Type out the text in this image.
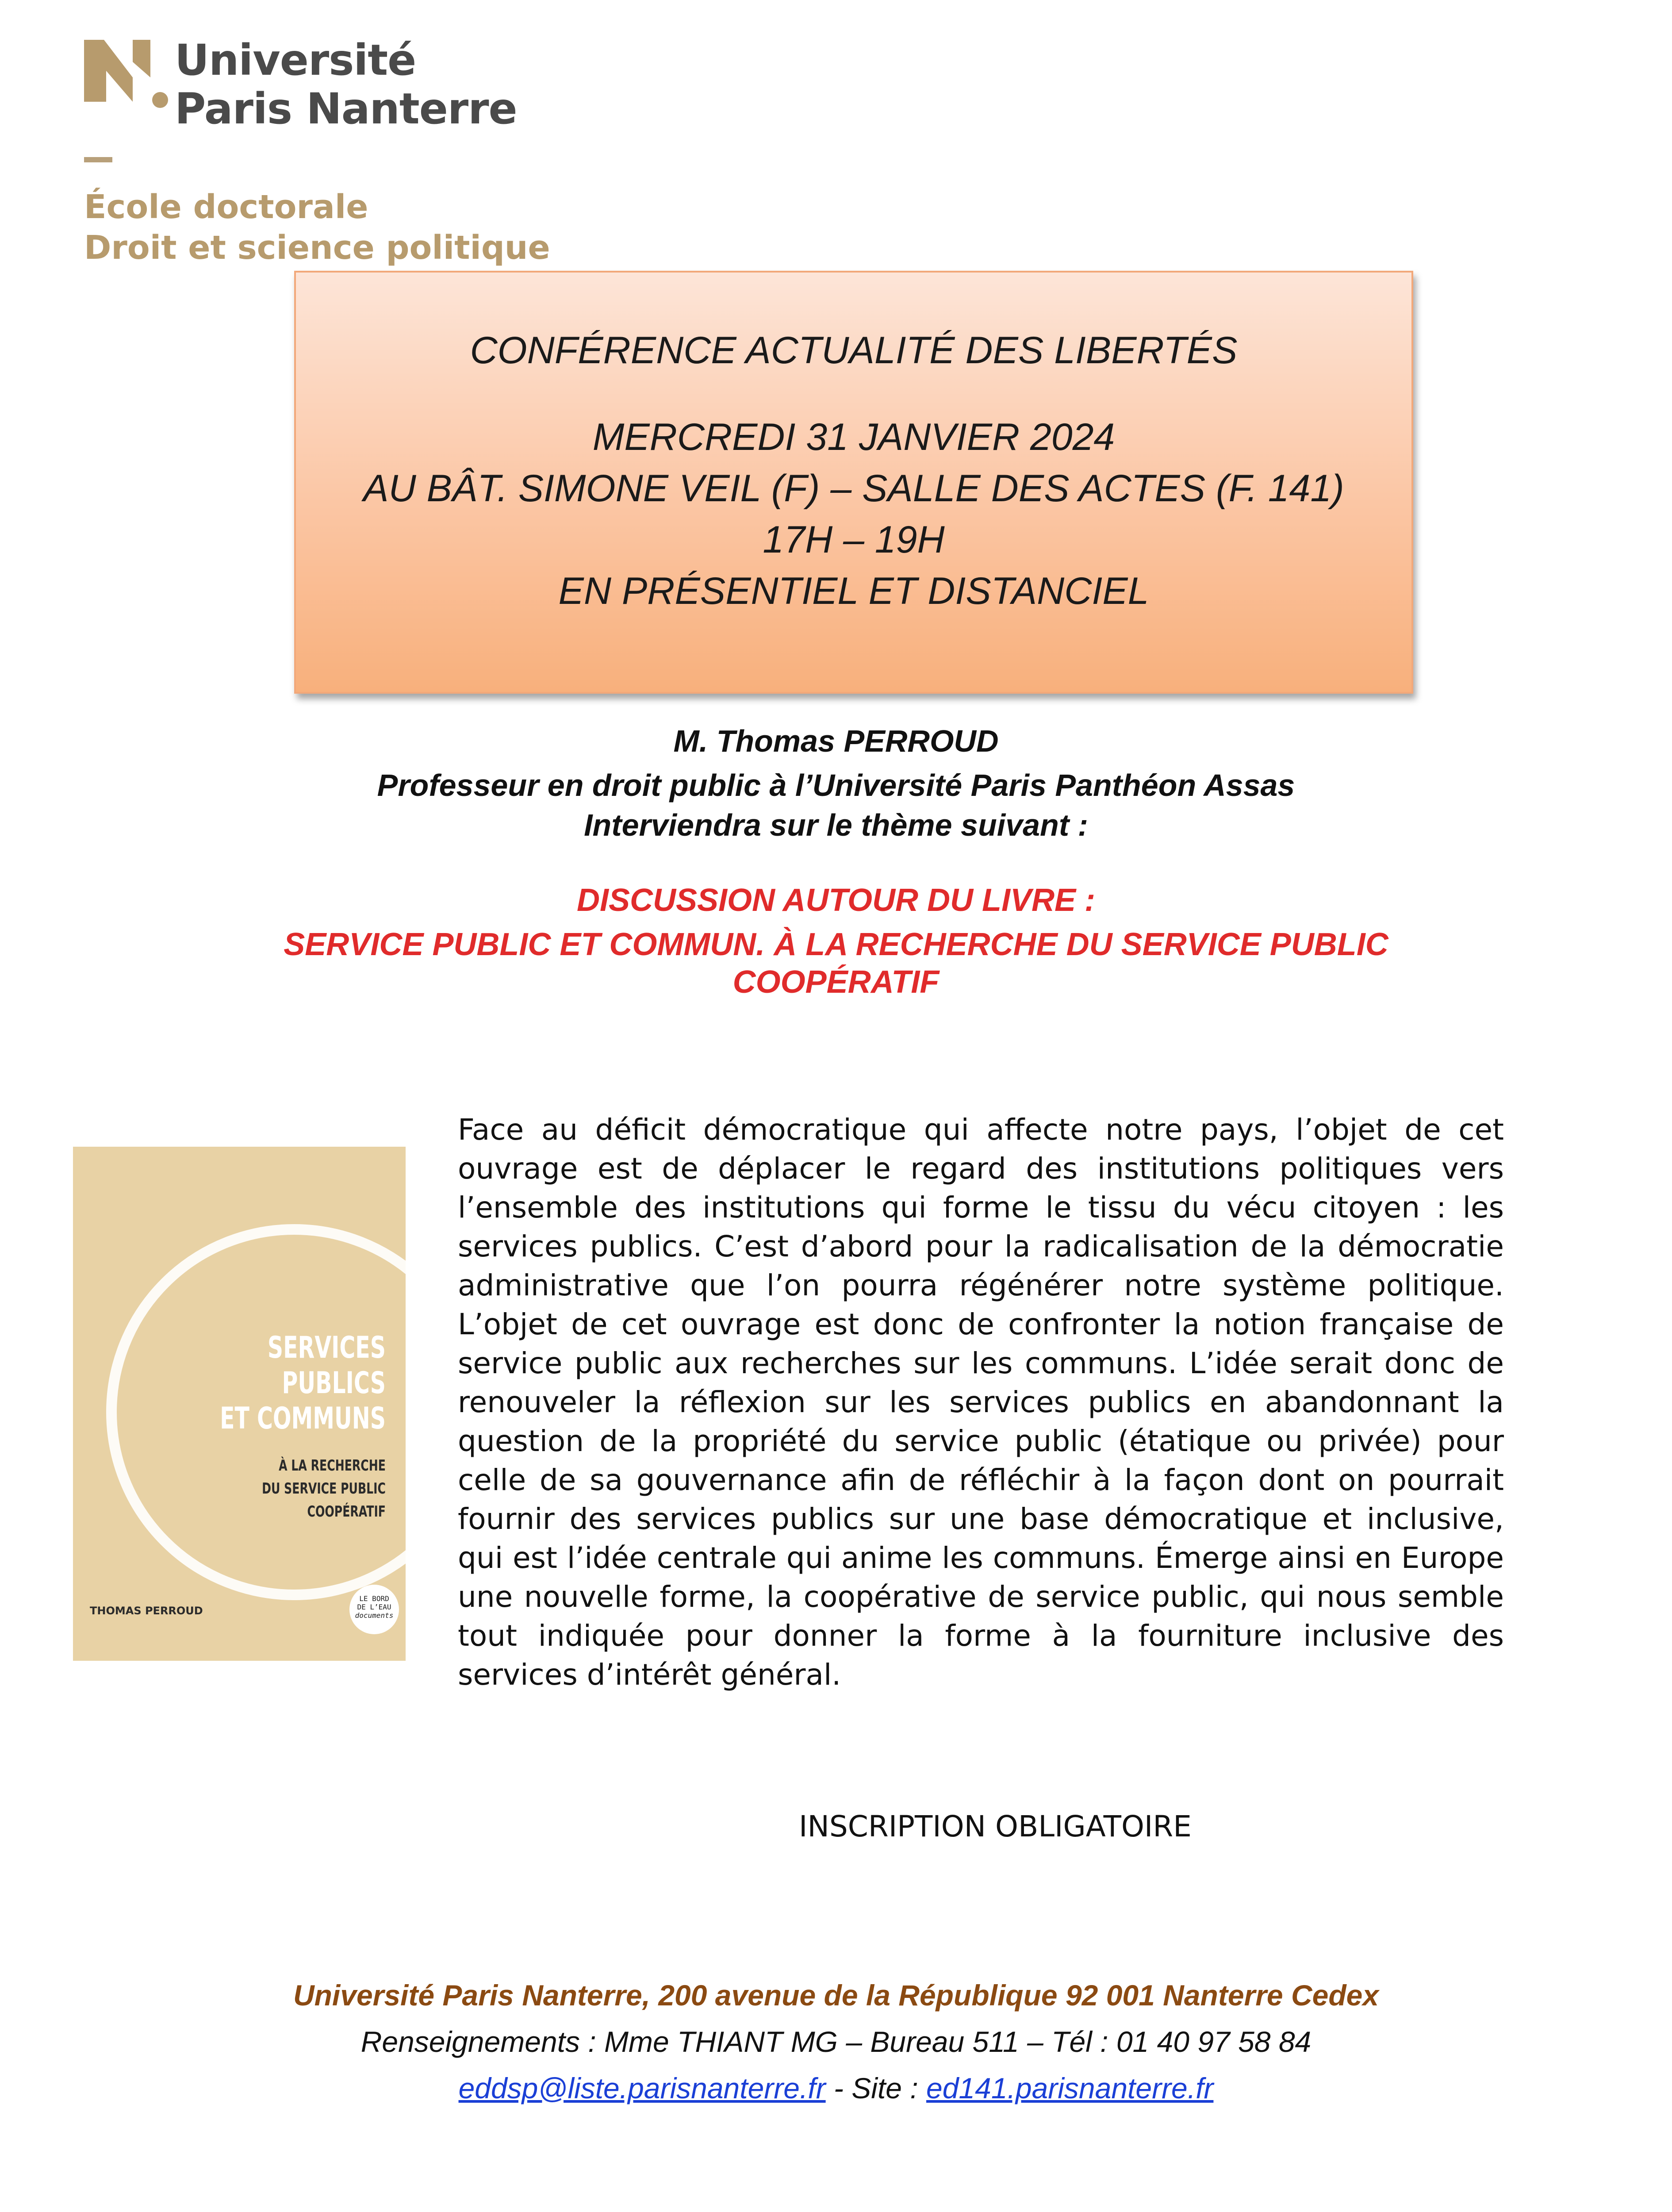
Université
Paris Nanterre
École doctorale
Droit et science politique
CONFÉRENCE ACTUALITÉ DES LIBERTÉS
MERCREDI 31 JANVIER 2024
AU BÂT. SIMONE VEIL (F) – SALLE DES ACTES (F. 141)
17H – 19H
EN PRÉSENTIEL ET DISTANCIEL
M. Thomas PERROUD
Professeur en droit public à l’Université Paris Panthéon Assas
Interviendra sur le thème suivant :
DISCUSSION AUTOUR DU LIVRE :
SERVICE PUBLIC ET COMMUN. À LA RECHERCHE DU SERVICE PUBLIC
COOPÉRATIF
SERVICES PUBLICS
ET COMMUNS
À LA RECHERCHE
DU SERVICE PUBLIC COOPÉRATIF
THOMAS PERROUD
LE BORD
DE L’EAU
documents
Face au déficit démocratique qui affecte notre pays, l’objet de cet ouvrage est de déplacer le regard des institutions politiques vers l’ensemble des institutions qui forme le tissu du vécu citoyen : les services publics. C’est d’abord pour la radicalisation de la démocratie administrative que l’on pourra régénérer notre système politique. L’objet de cet ouvrage est donc de confronter la notion française de service public aux recherches sur les communs. L’idée serait donc de renouveler la réflexion sur les services publics en abandonnant la question de la propriété du service public (étatique ou privée) pour celle de sa gouvernance afin de réfléchir à la façon dont on pourrait fournir des services publics sur une base démocratique et inclusive, qui est l’idée centrale qui anime les communs. Émerge ainsi en Europe une nouvelle forme, la coopérative de service public, qui nous semble tout indiquée pour donner la forme à la fourniture inclusive des services d’intérêt général.
INSCRIPTION OBLIGATOIRE
Université Paris Nanterre, 200 avenue de la République 92 001 Nanterre Cedex
Renseignements : Mme THIANT MG – Bureau 511 – Tél : 01 40 97 58 84
eddsp@liste.parisnanterre.fr - Site : ed141.parisnanterre.fr
